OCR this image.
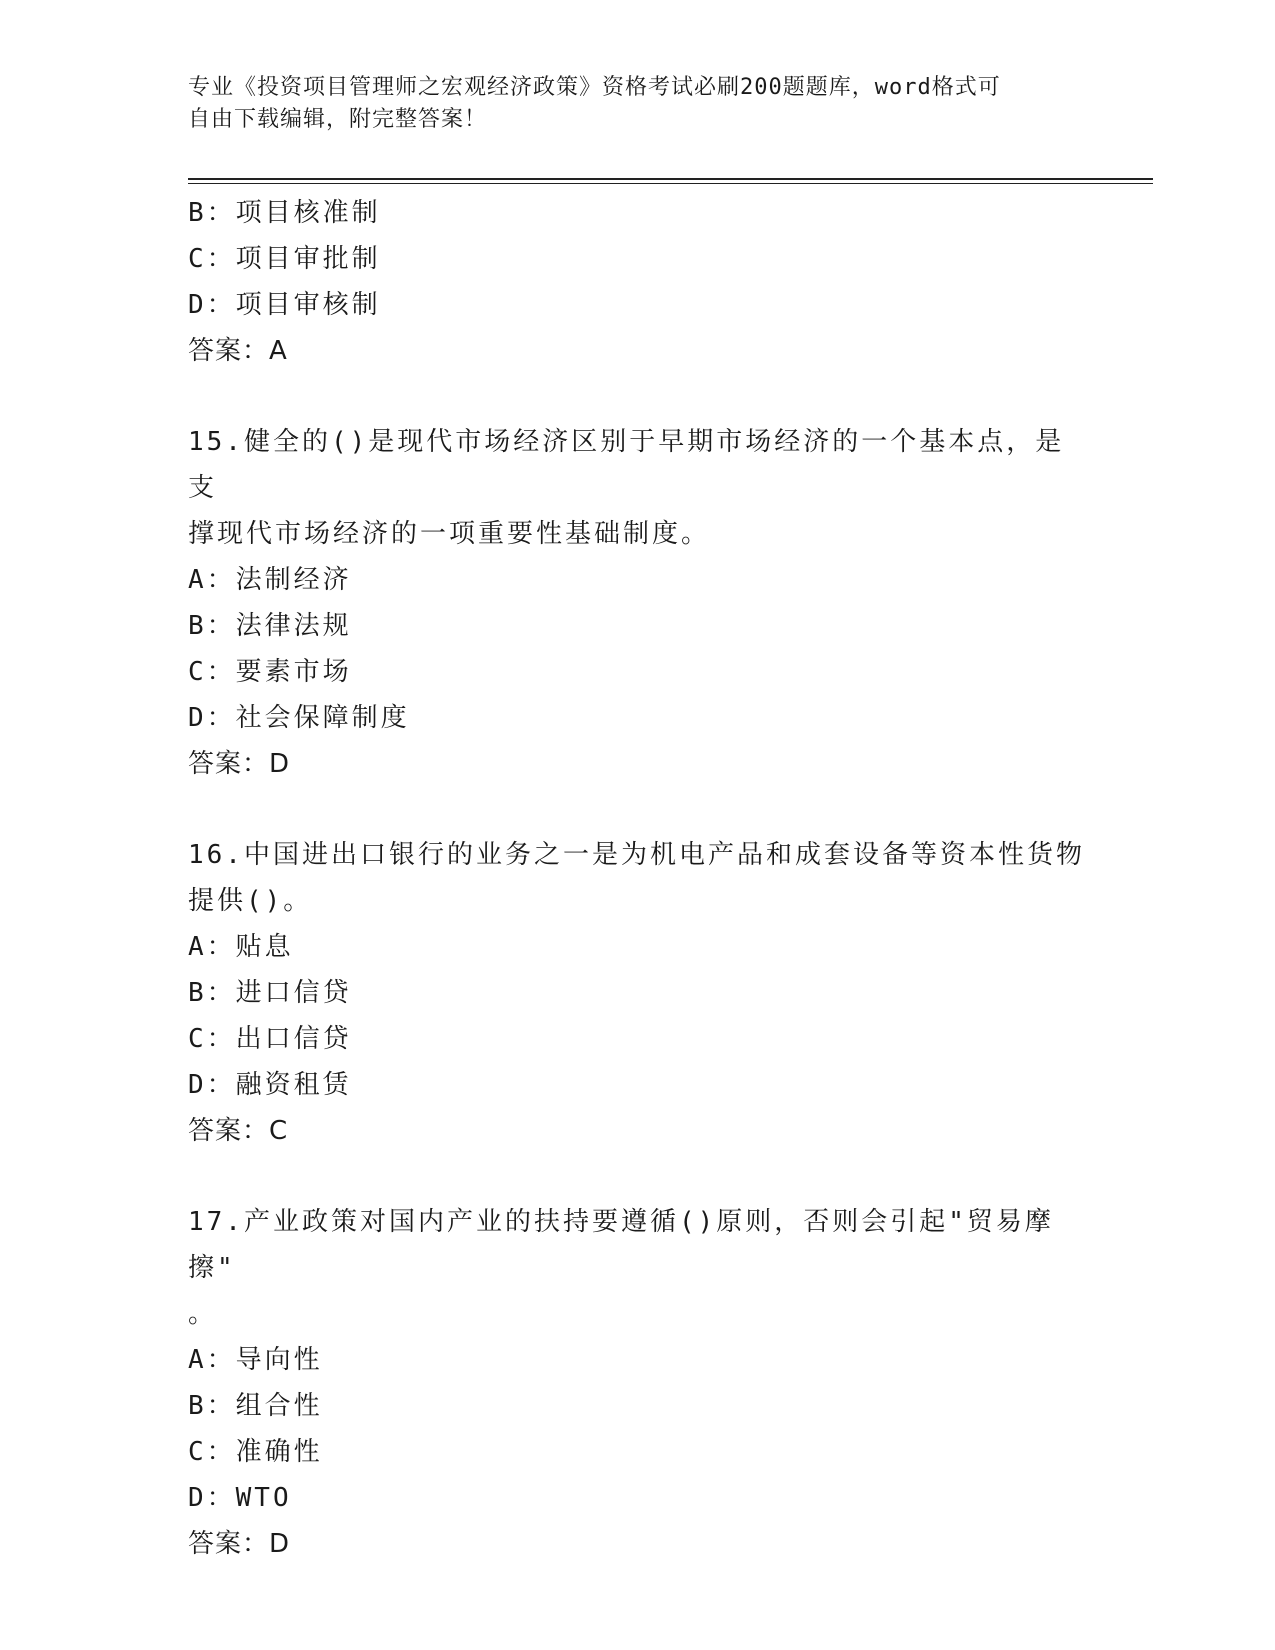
专业《投资项目管理师之宏观经济政策》资格考试必刷200题题库，word格式可
自由下载编辑，附完整答案！
B：项目核准制
C：项目审批制
D：项目审核制
答案：A
15.健全的()是现代市场经济区别于早期市场经济的一个基本点，是支
撑现代市场经济的一项重要性基础制度。
A：法制经济
B：法律法规
C：要素市场
D：社会保障制度
答案：D
16.中国进出口银行的业务之一是为机电产品和成套设备等资本性货物
提供()。
A：贴息
B：进口信贷
C：出口信贷
D：融资租赁
答案：C
17.产业政策对国内产业的扶持要遵循()原则，否则会引起"贸易摩擦"
。
A：导向性
B：组合性
C：准确性
D：WTO
答案：D
